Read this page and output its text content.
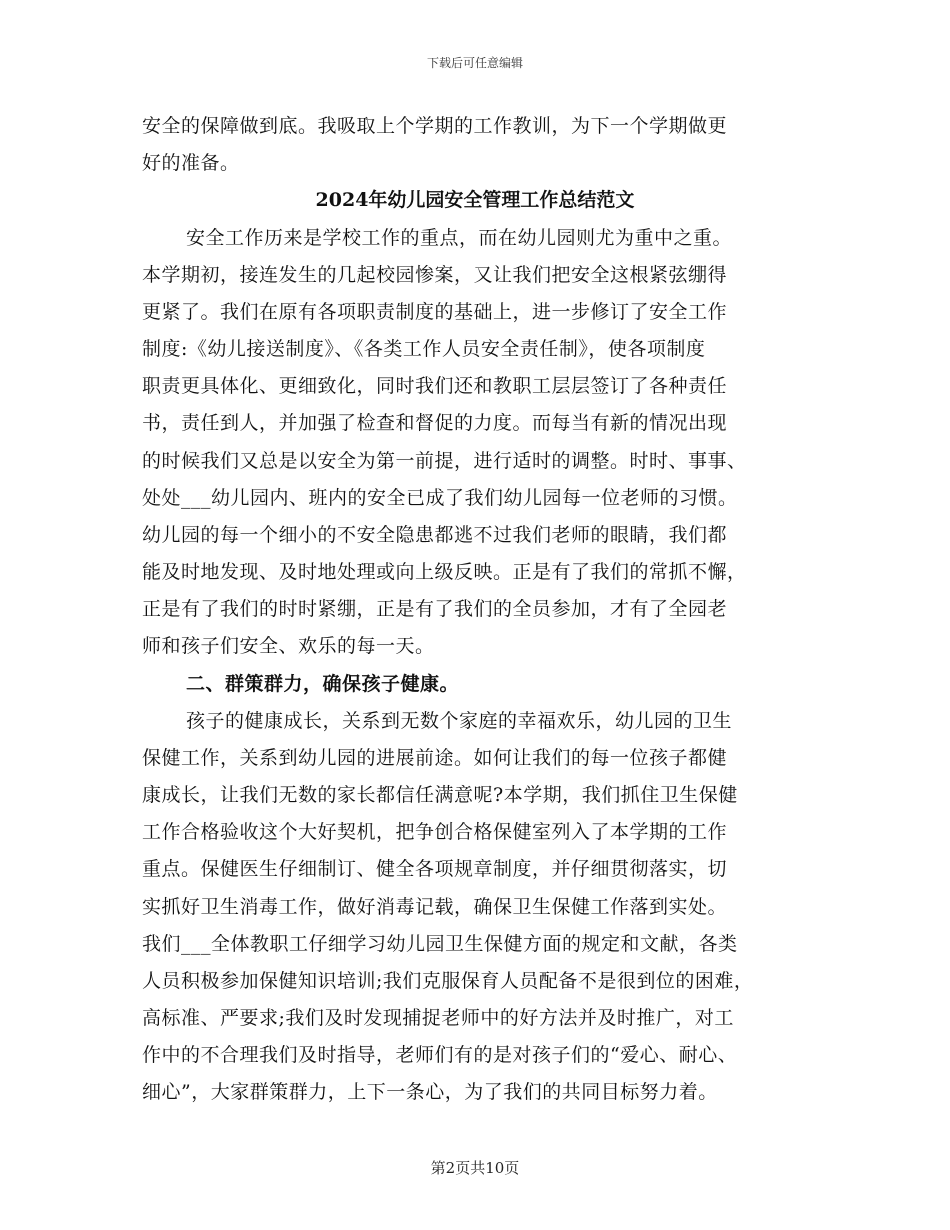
下载后可任意编辑
安全的保障做到底。我吸取上个学期的工作教训，为下一个学期做更
好的准备。
2024年幼儿园安全管理工作总结范文
安全工作历来是学校工作的重点，而在幼儿园则尤为重中之重。
本学期初，接连发生的几起校园惨案，又让我们把安全这根紧弦绷得
更紧了。我们在原有各项职责制度的基础上，进一步修订了安全工作
制度:《幼儿接送制度》、《各类工作人员安全责任制》，使各项制度
职责更具体化、更细致化，同时我们还和教职工层层签订了各种责任
书，责任到人，并加强了检查和督促的力度。而每当有新的情况出现
的时候我们又总是以安全为第一前提，进行适时的调整。时时、事事、
处处___幼儿园内、班内的安全已成了我们幼儿园每一位老师的习惯。
幼儿园的每一个细小的不安全隐患都逃不过我们老师的眼睛，我们都
能及时地发现、及时地处理或向上级反映。正是有了我们的常抓不懈，
正是有了我们的时时紧绷，正是有了我们的全员参加，才有了全园老
师和孩子们安全、欢乐的每一天。
二、群策群力，确保孩子健康。
孩子的健康成长，关系到无数个家庭的幸福欢乐，幼儿园的卫生
保健工作，关系到幼儿园的进展前途。如何让我们的每一位孩子都健
康成长，让我们无数的家长都信任满意呢?本学期，我们抓住卫生保健
工作合格验收这个大好契机，把争创合格保健室列入了本学期的工作
重点。保健医生仔细制订、健全各项规章制度，并仔细贯彻落实，切
实抓好卫生消毒工作，做好消毒记载，确保卫生保健工作落到实处。
我们___全体教职工仔细学习幼儿园卫生保健方面的规定和文献，各类
人员积极参加保健知识培训;我们克服保育人员配备不是很到位的困难，
高标准、严要求;我们及时发现捕捉老师中的好方法并及时推广，对工
作中的不合理我们及时指导，老师们有的是对孩子们的“爱心、耐心、
细心”，大家群策群力，上下一条心，为了我们的共同目标努力着。
第2页共10页
